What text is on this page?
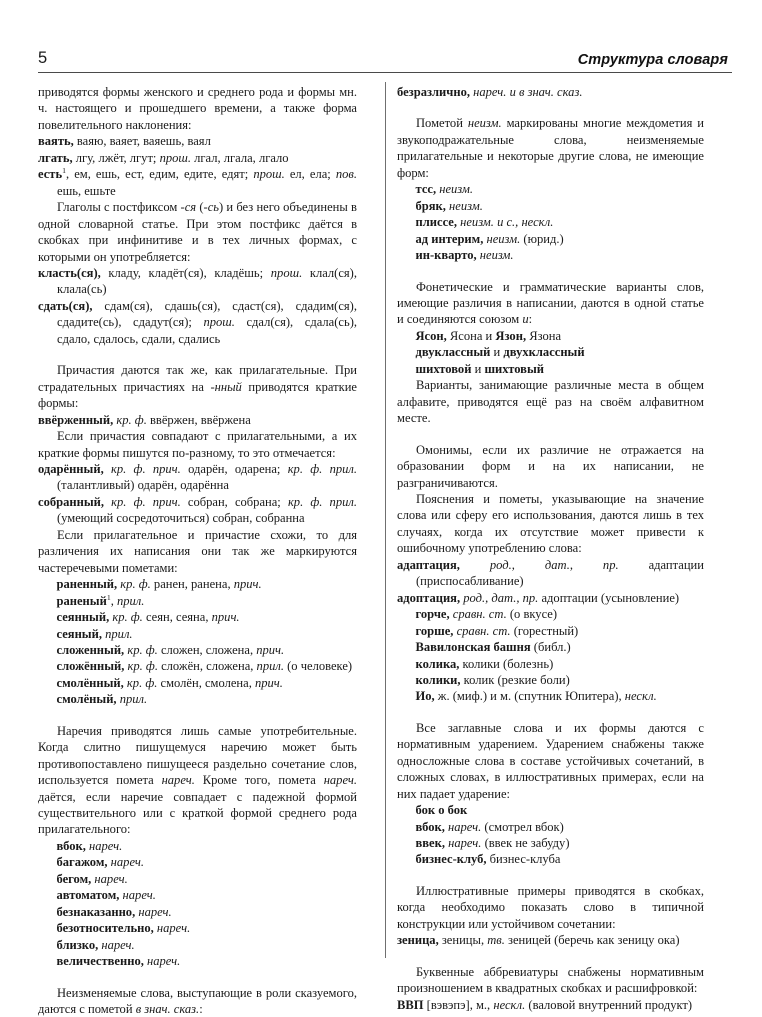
5	Структура словаря

приводятся формы женского и среднего рода и формы мн. ч. настоящего и прошедшего времени, а также форма повелительного наклонения:

ваять, ваяю, ваяет, ваяешь, ваял

лгать, лгу, лжёт, лгут; прош. лгал, лгала, лгало

есть$^1$, ем, ешь, ест, едим, едите, едят; прош. ел, ела; пов. ешь, ешьте

Глаголы с постфиксом -ся (-сь) и без него объединены в одной словарной статье. При этом постфикс даётся в скобках при инфинитиве и в тех личных формах, с которыми он употребляется:

класть(ся), кладу, кладёт(ся), кладёшь; прош. клал(ся), клала(сь)

сдать(ся), сдам(ся), сдашь(ся), сдаст(ся), сдадим(ся), сдадите(сь), сдадут(ся); прош. сдал(ся), сдала(сь), сдало, сдалось, сдали, сдались

Причастия даются так же, как прилагательные. При страдательных причастиях на -нный приводятся краткие формы:

ввёрженный, кр. ф. ввёржен, ввёржена

Если причастия совпадают с прилагательными, а их краткие формы пишутся по-разному, то это отмечается:

одарённый, кр. ф. прич. одарён, одарена; кр. ф. прил. (талантливый) одарён, одарённа

собранный, кр. ф. прич. собран, собрана; кр. ф. прил. (умеющий сосредоточиться) собран, собранна

Если прилагательное и причастие схожи, то для различения их написания они так же маркируются частеречевыми пометами:

раненный, кр. ф. ранен, ранена, прич.

раненый$^1$, прил.

сеянный, кр. ф. сеян, сеяна, прич.

сеяный, прил.

сложенный, кр. ф. сложен, сложена, прич.

сложённый, кр. ф. сложён, сложена, прил. (о человеке)

смолённый, кр. ф. смолён, смолена, прич.

смолёный, прил.

Наречия приводятся лишь самые употребительные. Когда слитно пишущемуся наречию может быть противопоставлено пишущееся раздельно сочетание слов, используется помета нареч. Кроме того, помета нареч. даётся, если наречие совпадает с падежной формой существительного или с краткой формой среднего рода прилагательного:

вбок, нареч.

багажом, нареч.

бегом, нареч.

автоматом, нареч.

безнаказанно, нареч.

безотносительно, нареч.

близко, нареч.

величественно, нареч.

Неизменяемые слова, выступающие в роли сказуемого, даются с пометой в знач. сказ.:

безразлично, нареч. и в знач. сказ.

Пометой неизм. маркированы многие междометия и звукоподражательные слова, неизменяемые прилагательные и некоторые другие слова, не имеющие форм:

тсс, неизм.

бряк, неизм.

плиссе, неизм. и с., нескл.

ад интерим, неизм. (юрид.)

ин-кварто, неизм.

Фонетические и грамматические варианты слов, имеющие различия в написании, даются в одной статье и соединяются союзом и:

Ясон, Ясона и Язон, Язона

двукласcный и двухклассный

шихтовой и шихтовый

Варианты, занимающие различные места в общем алфавите, приводятся ещё раз на своём алфавитном месте.

Омонимы, если их различие не отражается на образовании форм и на их написании, не разграничиваются.

Пояснения и пометы, указывающие на значение слова или сферу его использования, даются лишь в тех случаях, когда их отсутствие может привести к ошибочному употреблению слова:

адаптация, род., дат., пр. адаптации (приспосабливание)

адоптация, род., дат., пр. адоптации (усыновление)

горче, сравн. ст. (о вкусе)

горше, сравн. ст. (горестный)

Вавилонская башня (библ.)

колика, колики (болезнь)

колики, колик (резкие боли)

Ио, ж. (миф.) и м. (спутник Юпитера), нескл.

Все заглавные слова и их формы даются с нормативным ударением. Ударением снабжены также односложные слова в составе устойчивых сочетаний, в сложных словах, в иллюстративных примерах, если на них падает ударение:

бок о бок

вбок, нареч. (смотрел вбок)

ввек, нареч. (ввек не забуду)

бизнес-клуб, бизнес-клуба

Иллюстративные примеры приводятся в скобках, когда необходимо показать слово в типичной конструкции или устойчивом сочетании:

зеница, зеницы, тв. зеницей (беречь как зеницу ока)

Буквенные аббревиатуры снабжены нормативным произношением в квадратных скобках и расшифровкой:

ВВП [вэвэпэ], м., нескл. (валовой внутренний продукт)
